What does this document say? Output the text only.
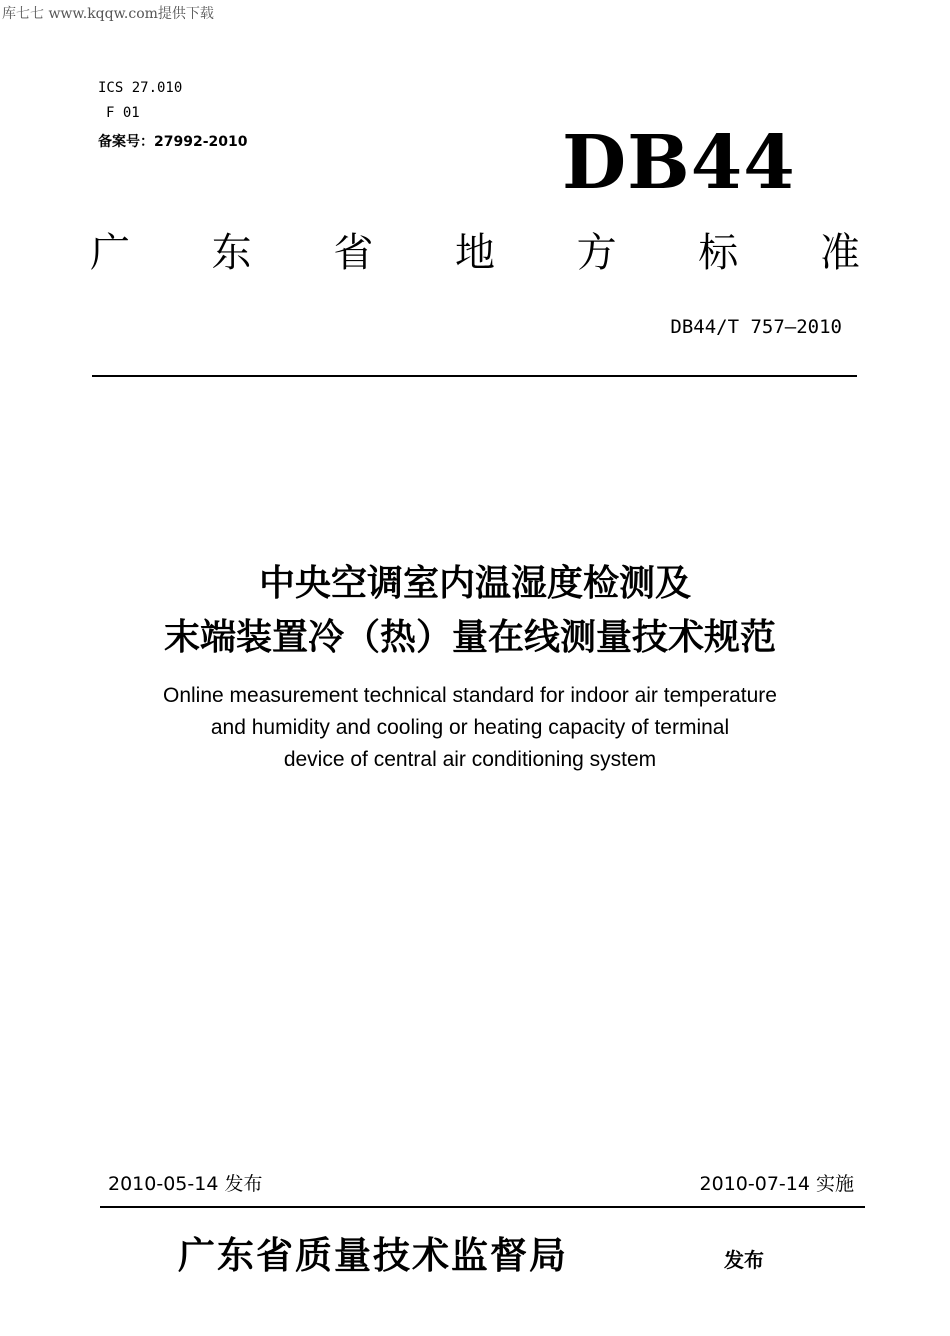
库七七 www.kqqw.com提供下载
ICS 27.010
F 01
备案号：27992-2010	DB44
广 东 省 地 方 标 准
DB44/T 757—2010
中央空调室内温湿度检测及
末端装置冷（热）量在线测量技术规范
Online measurement technical standard for indoor air temperature
and humidity and cooling or heating capacity of terminal
device of central air conditioning system
2010-05-14 发布	2010-07-14 实施
广东省质量技术监督局	发布
